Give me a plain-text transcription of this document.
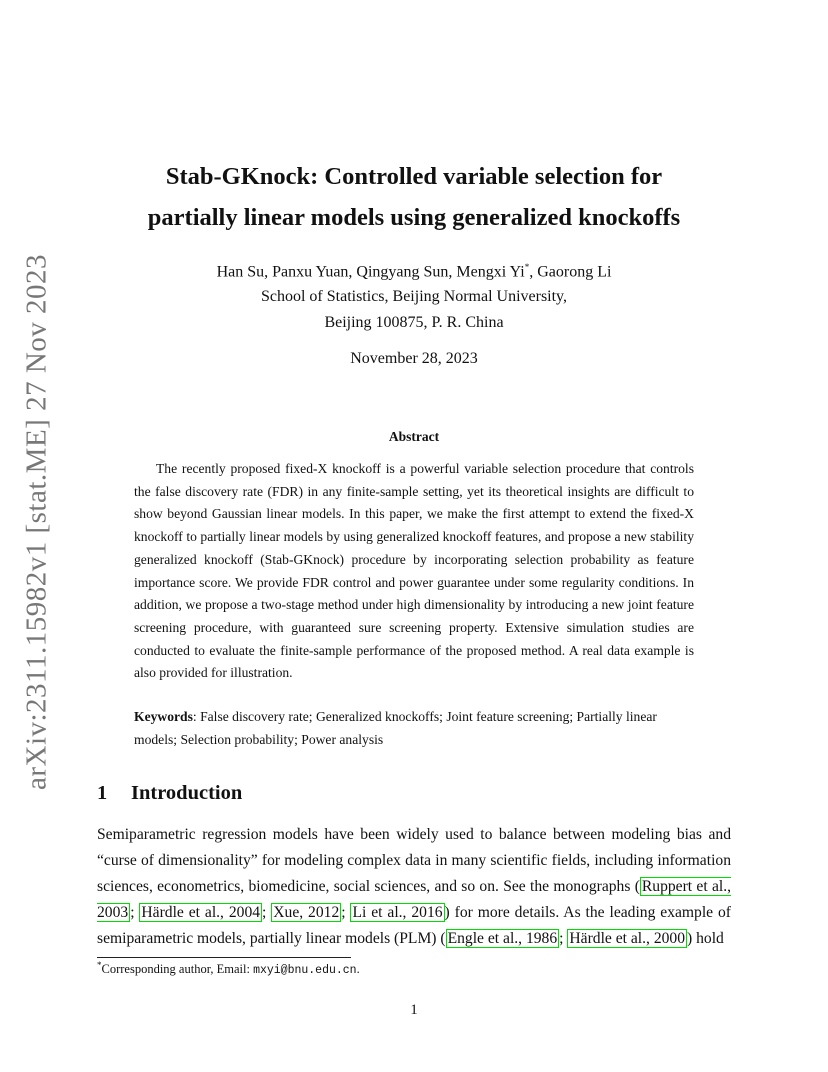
arXiv:2311.15982v1 [stat.ME] 27 Nov 2023
Stab-GKnock: Controlled variable selection for
partially linear models using generalized knockoffs
Han Su, Panxu Yuan, Qingyang Sun, Mengxi Yi*, Gaorong Li
School of Statistics, Beijing Normal University,
Beijing 100875, P. R. China
November 28, 2023
Abstract

The recently proposed fixed-X knockoff is a powerful variable selection procedure that controls the false discovery rate (FDR) in any finite-sample setting, yet its theoretical insights are difficult to show beyond Gaussian linear models. In this paper, we make the first attempt to extend the fixed-X knockoff to partially linear models by using generalized knockoff features, and propose a new stability generalized knockoff (Stab-GKnock) procedure by incorporating selection probability as feature importance score. We provide FDR control and power guarantee under some regularity conditions. In addition, we propose a two-stage method under high dimensionality by introducing a new joint feature screening procedure, with guaranteed sure screening property. Extensive simulation studies are conducted to evaluate the finite-sample performance of the proposed method. A real data example is also provided for illustration.

Keywords: False discovery rate; Generalized knockoffs; Joint feature screening; Partially linear models; Selection probability; Power analysis
1 Introduction
Semiparametric regression models have been widely used to balance between modeling bias and “curse of dimensionality” for modeling complex data in many scientific fields, including information sciences, econometrics, biomedicine, social sciences, and so on. See the monographs ( Ruppert et al., 2003 ; Härdle et al., 2004 ; Xue, 2012 ; Li et al., 2016 ) for more details. As the leading example of semiparametric models, partially linear models (PLM) ( Engle et al., 1986 ; Härdle et al., 2000 ) hold
*Corresponding author, Email: mxyi@bnu.edu.cn.
1
